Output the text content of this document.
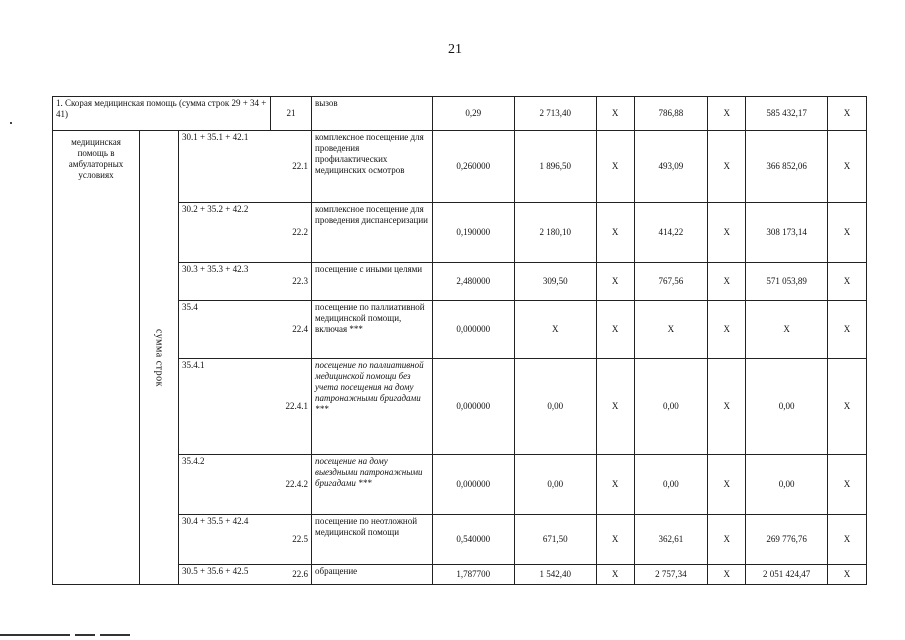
21
1. Скорая медицинская помощь (сумма строк 29 + 34 + 41)			21	вызов	0,29	2 713,40	X	786,88	X	585 432,17	X
медицинская помощь в амбулаторных условиях	сумма строк	30.1 + 35.1 + 42.1	22.1	комплексное посещение для проведения профилактических медицинских осмотров	0,260000	1 896,50	X	493,09	X	366 852,06	X
		30.2 + 35.2 + 42.2	22.2	комплексное посещение для проведения диспансеризации	0,190000	2 180,10	X	414,22	X	308 173,14	X
		30.3 + 35.3 + 42.3	22.3	посещение с иными целями	2,480000	309,50	X	767,56	X	571 053,89	X
		35.4	22.4	посещение по паллиативной медицинской помощи, включая ***	0,000000	X	X	X	X	X	X
		35.4.1	22.4.1	посещение по паллиативной медицинской помощи без учета посещения на дому патронажными бригадами ***	0,000000	0,00	X	0,00	X	0,00	X
		35.4.2	22.4.2	посещение на дому выездными патронажными бригадами ***	0,000000	0,00	X	0,00	X	0,00	X
		30.4 + 35.5 + 42.4	22.5	посещение по неотложной медицинской помощи	0,540000	671,50	X	362,61	X	269 776,76	X
		30.5 + 35.6 + 42.5	22.6	обращение	1,787700	1 542,40	X	2 757,34	X	2 051 424,47	X
